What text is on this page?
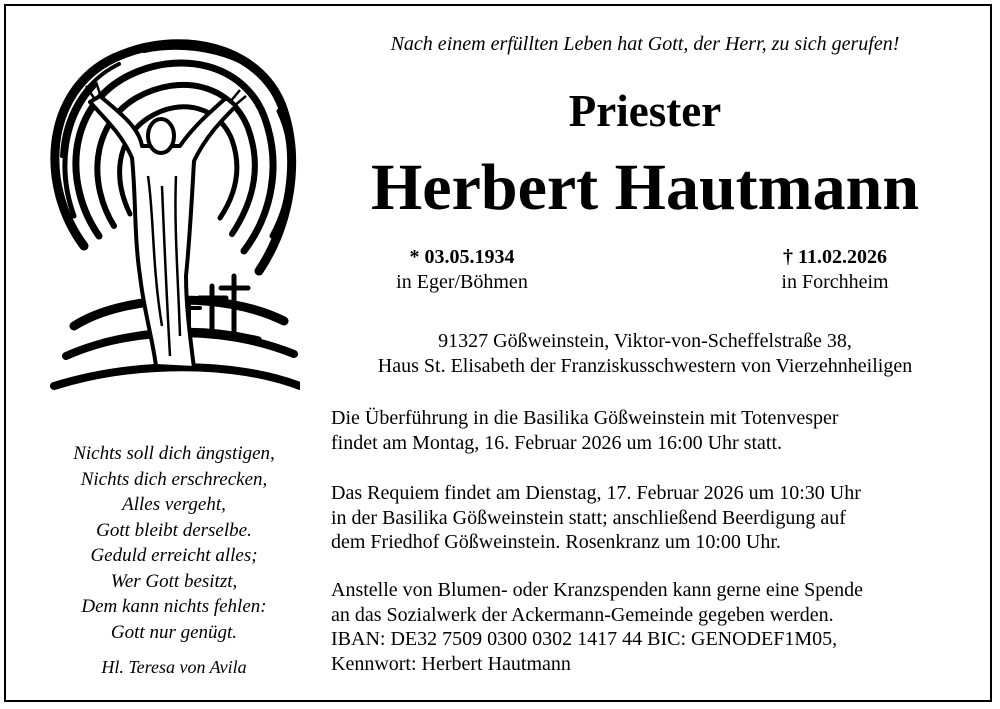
Nichts soll dich ängstigen,
Nichts dich erschrecken,
Alles vergeht,
Gott bleibt derselbe.
Geduld erreicht alles;
Wer Gott besitzt,
Dem kann nichts fehlen:
Gott nur genügt.
Hl. Teresa von Avila
Nach einem erfüllten Leben hat Gott, der Herr, zu sich gerufen!
Priester
Herbert Hautmann
* 03.05.1934
in Eger/Böhmen
† 11.02.2026
in Forchheim
91327 Gößweinstein, Viktor-von-Scheffelstraße 38,
Haus St. Elisabeth der Franziskusschwestern von Vierzehnheiligen
Die Überführung in die Basilika Gößweinstein mit Totenvesper
findet am Montag, 16. Februar 2026 um 16:00 Uhr statt.
Das Requiem findet am Dienstag, 17. Februar 2026 um 10:30 Uhr
in der Basilika Gößweinstein statt; anschließend Beerdigung auf
dem Friedhof Gößweinstein. Rosenkranz um 10:00 Uhr.
Anstelle von Blumen- oder Kranzspenden kann gerne eine Spende
an das Sozialwerk der Ackermann-Gemeinde gegeben werden.
IBAN: DE32 7509 0300 0302 1417 44 BIC: GENODEF1M05,
Kennwort: Herbert Hautmann
